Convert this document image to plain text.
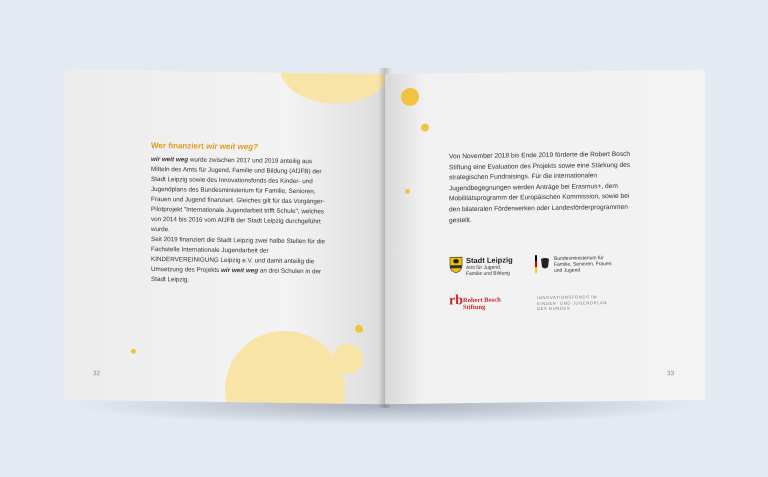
Wer finanziert wir weit weg?

wir weit weg wurde zwischen 2017 und 2019 anteilig aus Mitteln des Amts für Jugend, Familie und Bildung (AfJFB) der Stadt Leipzig sowie des Innovationsfonds des Kinder- und Jugendplans des Bundesministerium für Familie, Senioren, Frauen und Jugend finanziert. Gleiches gilt für das Vorgänger-Pilotprojekt "Internationale Jugendarbeit trifft Schule", welches von 2014 bis 2016 vom AfJFB der Stadt Leipzig durchgeführt wurde.

Seit 2019 finanziert die Stadt Leipzig zwei halbe Stellen für die Fachstelle Internationale Jugendarbeit der KINDERVEREINIGUNG Leipzig e.V. und damit anteilig die Umsetzung des Projekts wir weit weg an drei Schulen in der Stadt Leipzig.

32
Von November 2018 bis Ende 2019 förderte die Robert Bosch Stiftung eine Evaluation des Projekts sowie eine Stärkung des strategischen Fundraisings. Für die internationalen Jugendbegegnungen werden Anträge bei Erasmus+, dem Mobilitätsprogramm der Europäischen Kommission, sowie bei den bilateralen Förderwerken oder Landesförderprogrammen gestellt.
Stadt Leipzig
Amt für Jugend, Familie und Bildung
Bundesministerium für Familie, Senioren, Frauen und Jugend
rb Robert Bosch
Stiftung
INNOVATIONSFONDS IM KINDER- UND JUGENDPLAN DES BUNDES
33
